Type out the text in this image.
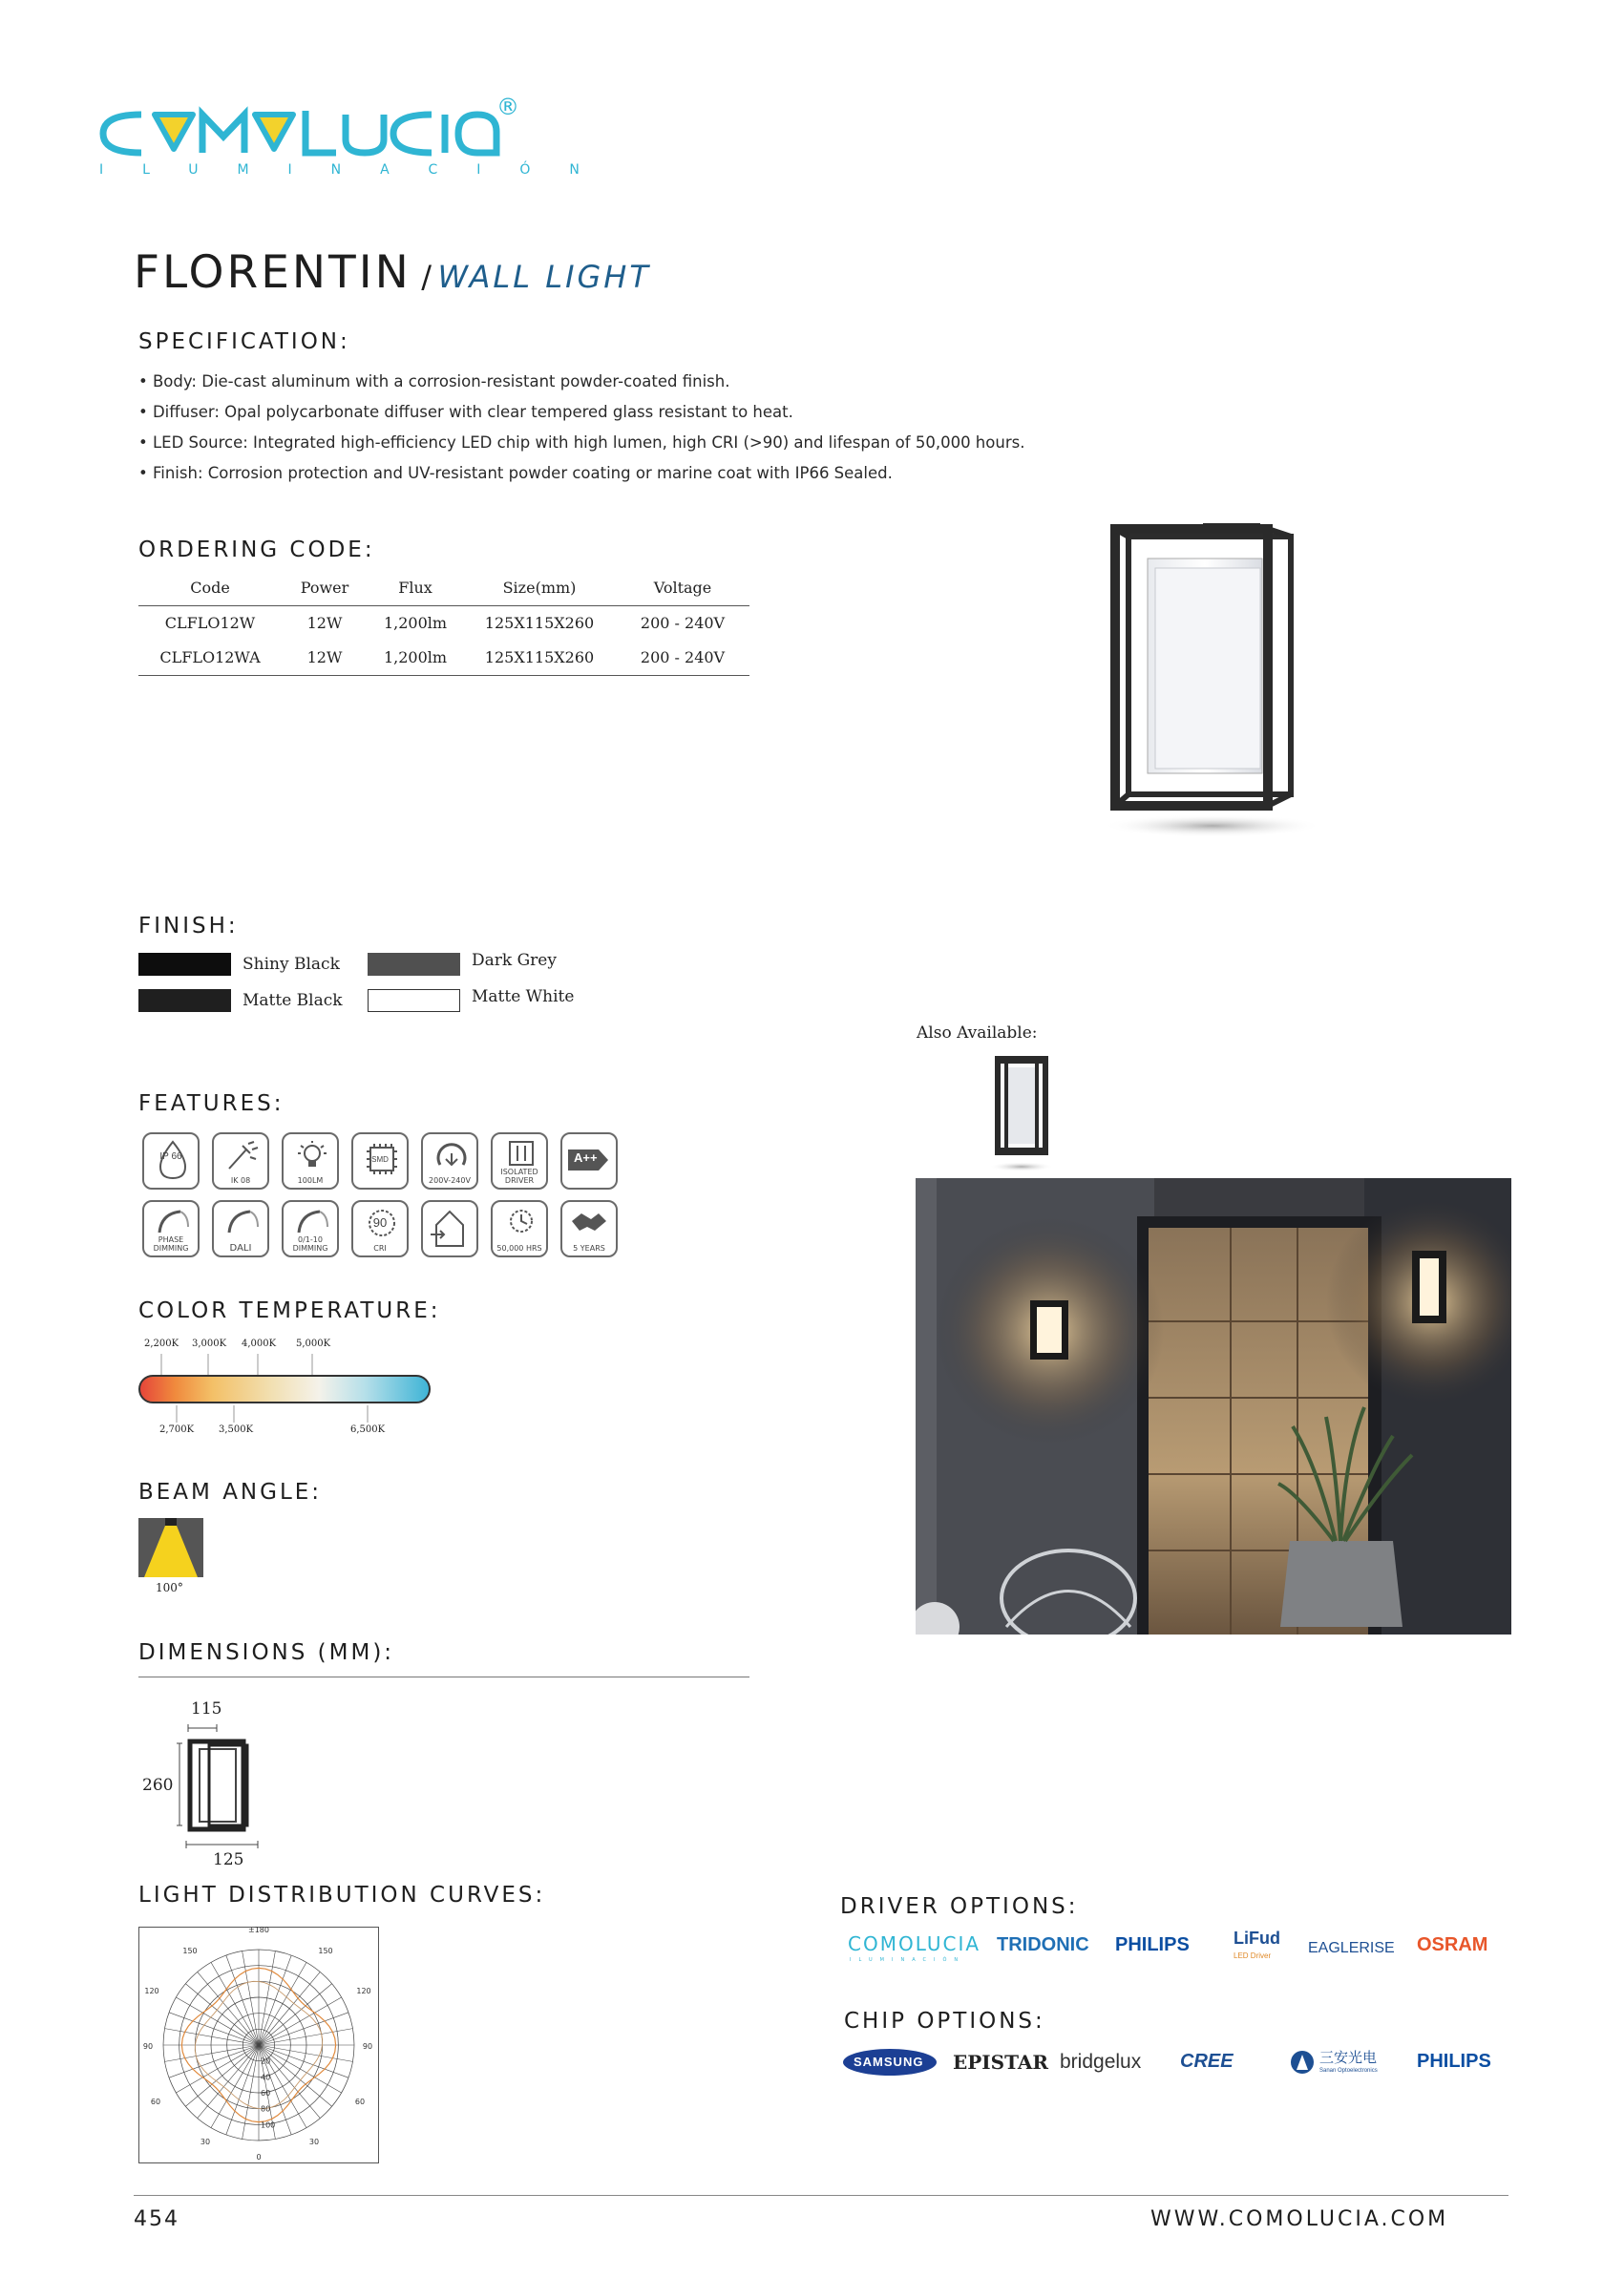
®
ILUMINACIÓN
FLORENTIN / WALL LIGHT
SPECIFICATION:

• Body: Die-cast aluminum with a corrosion-resistant powder-coated finish.

• Diffuser: Opal polycarbonate diffuser with clear tempered glass resistant to heat.

• LED Source: Integrated high-efficiency LED chip with high lumen, high CRI (>90) and lifespan of 50,000 hours.

• Finish: Corrosion protection and UV-resistant powder coating or marine coat with IP66 Sealed.

ORDERING CODE:
Code	Power	Flux	Size(mm)	Voltage
CLFLO12W	12W	1,200lm	125X115X260	200 - 240V
CLFLO12WA	12W	1,200lm	125X115X260	200 - 240V
FINISH:
Shiny Black
Matte Black
Dark Grey
Matte White
Also Available:
FEATURES:
IP 66
IK 08	100LM
SMD
200V-240V
ISOLATED DRIVER
A++
PHASE DIMMING	DALI
0/1-10 DIMMING
90
CRI	50,000 HRS	5 YEARS
COLOR TEMPERATURE:
2,200K 3,000K 4,000K 5,000K
2,700K	3,500K	6,500K
BEAM ANGLE:
100°
DIMENSIONS (MM):
115
260
125
LIGHT DISTRIBUTION CURVES:
±180
150	150
120	120
90	90
60	60
30	30
0
20
40
60
80
100
DRIVER OPTIONS:
COMOLUCIA
ILUMINACIÓN
TRIDONIC PHILIPS	LiFud
LED Driver EAGLERISE OSRAM
CHIP OPTIONS:
SAMSUNG EPISTAR bridgelux CREE	三安光电
Sanan Optoelectronics PHILIPS
454	WWW.COMOLUCIA.COM
